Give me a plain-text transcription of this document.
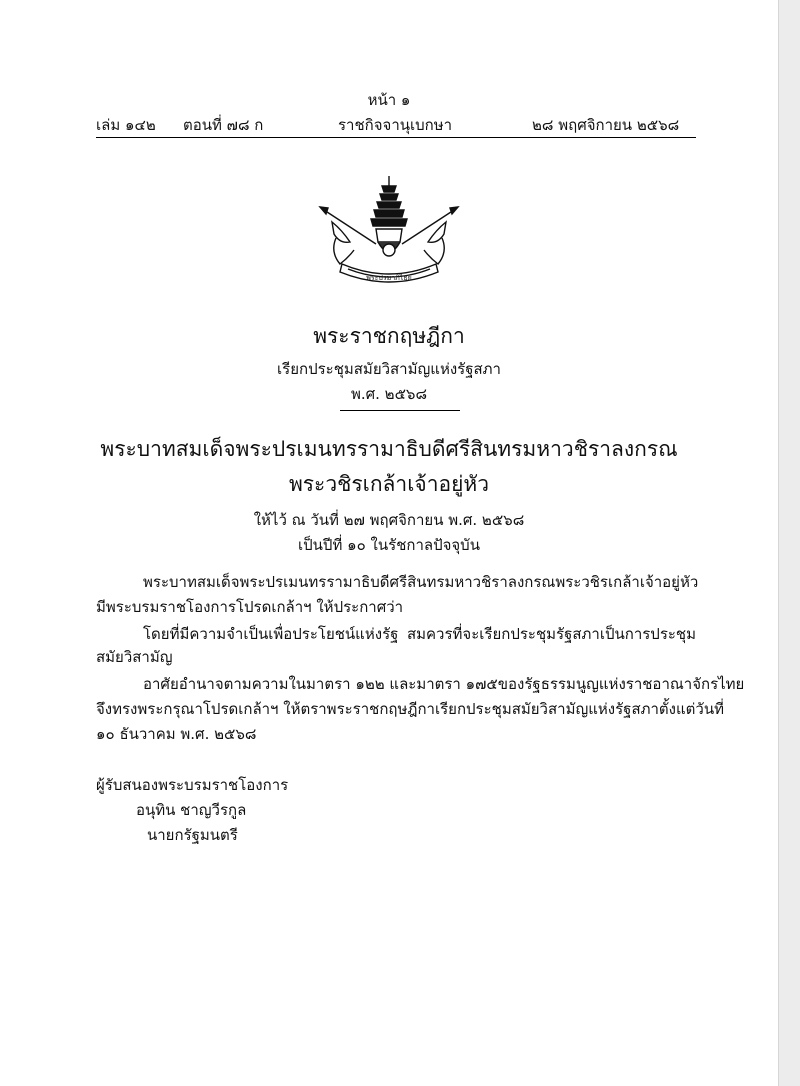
หน้า ๑
เล่ม ๑๔๒ ตอนที่ ๗๘ ก	ราชกิจจานุเบกษา	๒๘ พฤศจิกายน ๒๕๖๘
พระปรมาภิไธย
พระราชกฤษฎีกา
เรียกประชุมสมัยวิสามัญแห่งรัฐสภา
พ.ศ. ๒๕๖๘
พระบาทสมเด็จพระปรเมนทรรามาธิบดีศรีสินทรมหาวชิราลงกรณ
พระวชิรเกล้าเจ้าอยู่หัว
ให้ไว้ ณ วันที่ ๒๗ พฤศจิกายน พ.ศ. ๒๕๖๘
เป็นปีที่ ๑๐ ในรัชกาลปัจจุบัน
พระบาทสมเด็จพระปรเมนทรรามาธิบดีศรีสินทรมหาวชิราลงกรณ พระวชิรเกล้าเจ้าอยู่หัว
มีพระบรมราชโองการโปรดเกล้าฯ ให้ประกาศว่า
โดยที่มีความจำเป็นเพื่อประโยชน์แห่งรัฐ สมควรที่จะเรียกประชุมรัฐสภาเป็นการประชุม
สมัยวิสามัญ
อาศัยอำนาจตามความในมาตรา ๑๒๒ และมาตรา ๑๗๕ ของรัฐธรรมนูญแห่งราชอาณาจักรไทย
จึงทรงพระกรุณาโปรดเกล้าฯ ให้ตราพระราชกฤษฎีกาเรียกประชุมสมัยวิสามัญแห่งรัฐสภา ตั้งแต่วันที่
๑๐ ธันวาคม พ.ศ. ๒๕๖๘
ผู้รับสนองพระบรมราชโองการ
อนุทิน ชาญวีรกูล
นายกรัฐมนตรี
